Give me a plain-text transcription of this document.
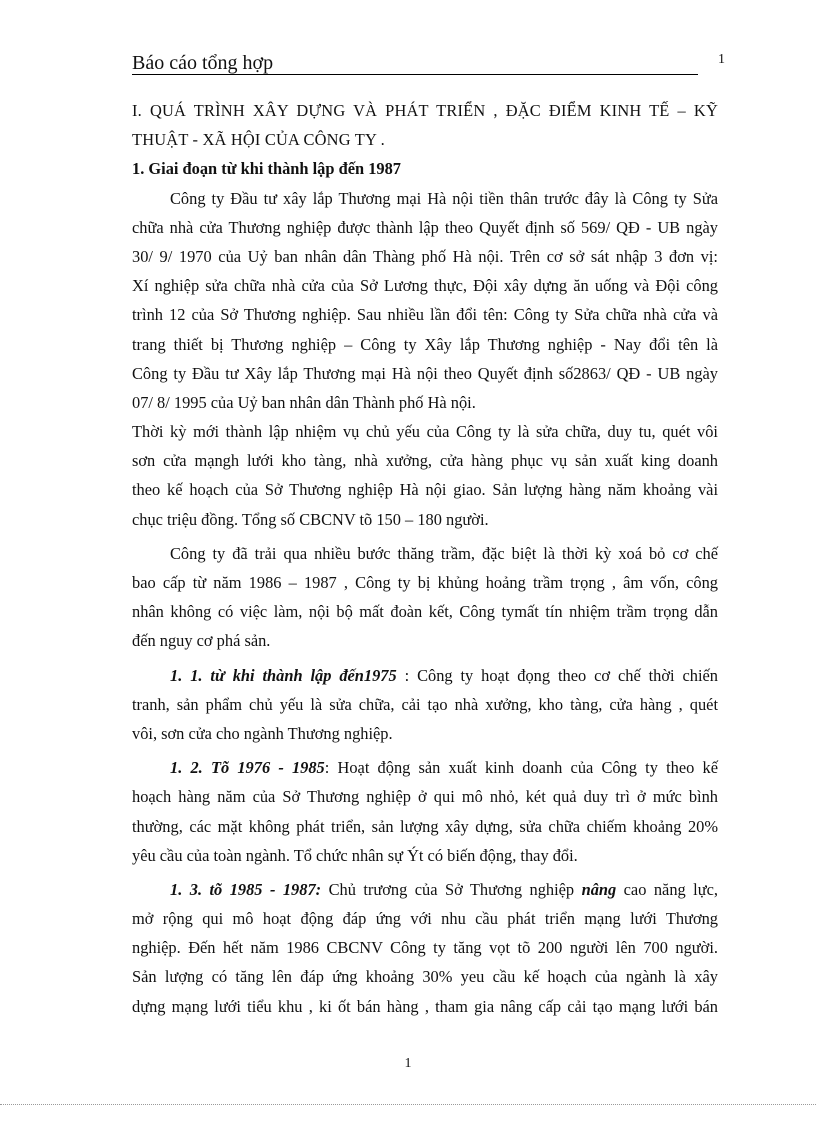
Báo cáo tổng hợp	1
I. QUÁ TRÌNH XÂY DỰNG VÀ PHÁT TRIỂN , ĐẶC ĐIỂM KINH TẾ – KỸ
THUẬT - XÃ HỘI CỦA CÔNG TY .
1. Giai đoạn từ khi thành lập đến 1987
Công ty Đầu tư xây lắp Thương mại Hà nội tiền thân trước đây là Công ty Sửa
chữa nhà cửa Thương nghiệp được thành lập theo Quyết định số 569/ QĐ - UB ngày
30/ 9/ 1970 của Uỷ ban nhân dân Thàng phố Hà nội. Trên cơ sở sát nhập 3 đơn vị:
Xí nghiệp sửa chữa nhà cửa của Sở Lương thực, Đội xây dựng ăn uống và Đội công
trình 12 của Sở Thương nghiệp. Sau nhiều lần đổi tên: Công ty Sửa chữa nhà cửa và
trang thiết bị Thương nghiệp – Công ty Xây lắp Thương nghiệp - Nay đổi tên là
Công ty Đầu tư Xây lắp Thương mại Hà nội theo Quyết định số2863/ QĐ - UB ngày
07/ 8/ 1995 của Uỷ ban nhân dân Thành phố Hà nội.
Thời kỳ mới thành lập nhiệm vụ chủ yếu của Công ty là sửa chữa, duy tu, quét vôi
sơn cửa mạngh lưới kho tàng, nhà xưởng, cửa hàng phục vụ sản xuất king doanh
theo kế hoạch của Sở Thương nghiệp Hà nội giao. Sản lượng hàng năm khoảng vài
chục triệu đồng. Tổng số CBCNV tõ 150 – 180 người.
Công ty đã trải qua nhiều bước thăng trầm, đặc biệt là thời kỳ xoá bỏ cơ chế
bao cấp từ năm 1986 – 1987 , Công ty bị khủng hoảng trầm trọng , âm vốn, công
nhân không có việc làm, nội bộ mất đoàn kết, Công tymất tín nhiệm trầm trọng dẫn
đến nguy cơ phá sản.
1. 1. từ khi thành lập đến1975 : Công ty hoạt đọng theo cơ chế thời chiến
tranh, sản phẩm chủ yếu là sửa chữa, cải tạo nhà xưởng, kho tàng, cửa hàng , quét
vôi, sơn cửa cho ngành Thương nghiệp.
1. 2. Tõ 1976 - 1985: Hoạt động sản xuất kinh doanh của Công ty theo kế
hoạch hàng năm của Sở Thương nghiệp ở qui mô nhỏ, két quả duy trì ở mức bình
thường, các mặt không phát triển, sản lượng xây dựng, sửa chữa chiếm khoảng 20%
yêu cầu của toàn ngành. Tổ chức nhân sự Ýt có biến động, thay đổi.
1. 3. tõ 1985 - 1987: Chủ trương của Sở Thương nghiệp nâng cao năng lực,
mở rộng qui mô hoạt động đáp ứng với nhu cầu phát triển mạng lưới Thương
nghiệp. Đến hết năm 1986 CBCNV Công ty tăng vọt tõ 200 người lên 700 người.
Sản lượng có tăng lên đáp ứng khoảng 30% yeu cầu kế hoạch của ngành là xây
dựng mạng lưới tiểu khu , ki ốt bán hàng , tham gia nâng cấp cải tạo mạng lưới bán
1
